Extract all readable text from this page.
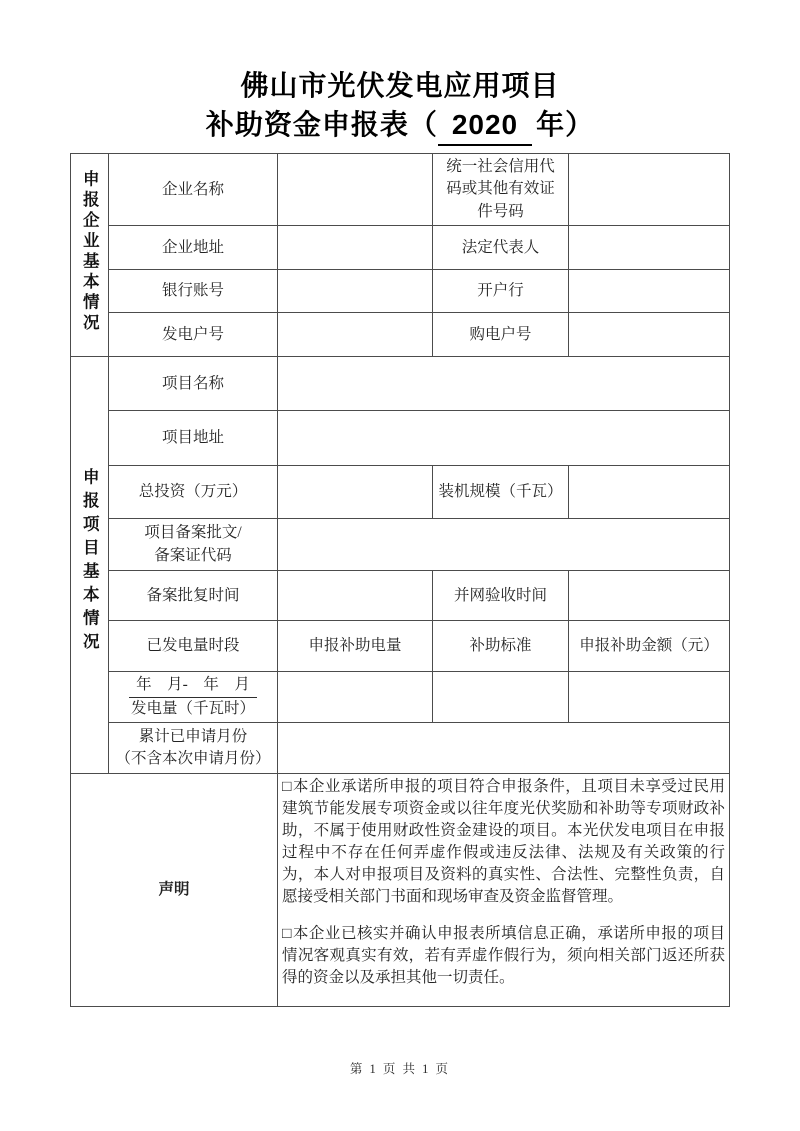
佛山市光伏发电应用项目
补助资金申报表（ 2020 年）
申报企业基本情况	企业名称		统一社会信用代码或其他有效证件号码	

	企业地址		法定代表人	
	银行账号		开户行	
	发电户号		购电户号	
申报项目基本情况	项目名称			
	项目地址			
	总投资（万元）		装机规模（千瓦）	

	项目备案批文/
备案证代码			

	备案批复时间		并网验收时间	
	已发电量时段	申报补助电量	补助标准	申报补助金额（元）

	年　月-　年　月
发电量（千瓦时）			

	累计已申请月份
（不含本次申请月份）			

声明		□本企业承诺所申报的项目符合申报条件，且项目未享受过民用建筑节能发展专项资金或以往年度光伏奖励和补助等专项财政补助，不属于使用财政性资金建设的项目。本光伏发电项目在申报过程中不存在任何弄虚作假或违反法律、法规及有关政策的行为，本人对申报项目及资料的真实性、合法性、完整性负责，自愿接受相关部门书面和现场审查及资金监督管理。

□本企业已核实并确认申报表所填信息正确，承诺所申报的项目情况客观真实有效，若有弄虚作假行为，须向相关部门返还所获得的资金以及承担其他一切责任。		

第 1 页 共 1 页
